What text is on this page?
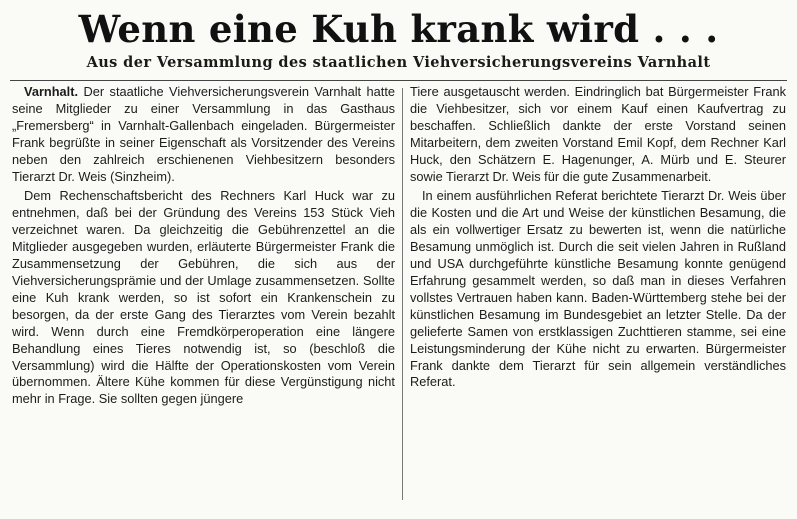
Wenn eine Kuh krank wird . . .
Aus der Versammlung des staatlichen Viehversicherungsvereins Varnhalt

Varnhalt. Der staatliche Viehversicherungsverein Varnhalt hatte seine Mitglieder zu einer Versammlung in das Gasthaus „Fremersberg“ in Varnhalt-Gallenbach eingeladen. Bürgermeister Frank begrüßte in seiner Eigenschaft als Vorsitzender des Vereins neben den zahlreich erschienenen Viehbesitzern besonders Tierarzt Dr. Weis (Sinzheim).

Dem Rechenschaftsbericht des Rechners Karl Huck war zu entnehmen, daß bei der Gründung des Vereins 153 Stück Vieh verzeichnet waren. Da gleichzeitig die Gebührenzettel an die Mitglieder ausgegeben wurden, erläuterte Bürgermeister Frank die Zusammensetzung der Gebühren, die sich aus der Viehversicherungsprämie und der Umlage zusammensetzen. Sollte eine Kuh krank werden, so ist sofort ein Krankenschein zu besorgen, da der erste Gang des Tierarztes vom Verein bezahlt wird. Wenn durch eine Fremdkörperoperation eine längere Behandlung eines Tieres notwendig ist, so (beschloß die Versammlung) wird die Hälfte der Operationskosten vom Verein übernommen. Ältere Kühe kommen für diese Vergünstigung nicht mehr in Frage. Sie sollten gegen jüngere

Tiere ausgetauscht werden. Eindringlich bat Bürgermeister Frank die Viehbesitzer, sich vor einem Kauf einen Kaufvertrag zu beschaffen. Schließlich dankte der erste Vorstand seinen Mitarbeitern, dem zweiten Vorstand Emil Kopf, dem Rechner Karl Huck, den Schätzern E. Hagenunger, A. Mürb und E. Steurer sowie Tierarzt Dr. Weis für die gute Zusammenarbeit.

In einem ausführlichen Referat berichtete Tierarzt Dr. Weis über die Kosten und die Art und Weise der künstlichen Besamung, die als ein vollwertiger Ersatz zu bewerten ist, wenn die natürliche Besamung unmöglich ist. Durch die seit vielen Jahren in Rußland und USA durchgeführte künstliche Besamung konnte genügend Erfahrung gesammelt werden, so daß man in dieses Verfahren vollstes Vertrauen haben kann. Baden-Württemberg stehe bei der künstlichen Besamung im Bundesgebiet an letzter Stelle. Da der gelieferte Samen von erstklassigen Zuchttieren stamme, sei eine Leistungsminderung der Kühe nicht zu erwarten. Bürgermeister Frank dankte dem Tierarzt für sein allgemein verständliches Referat.
